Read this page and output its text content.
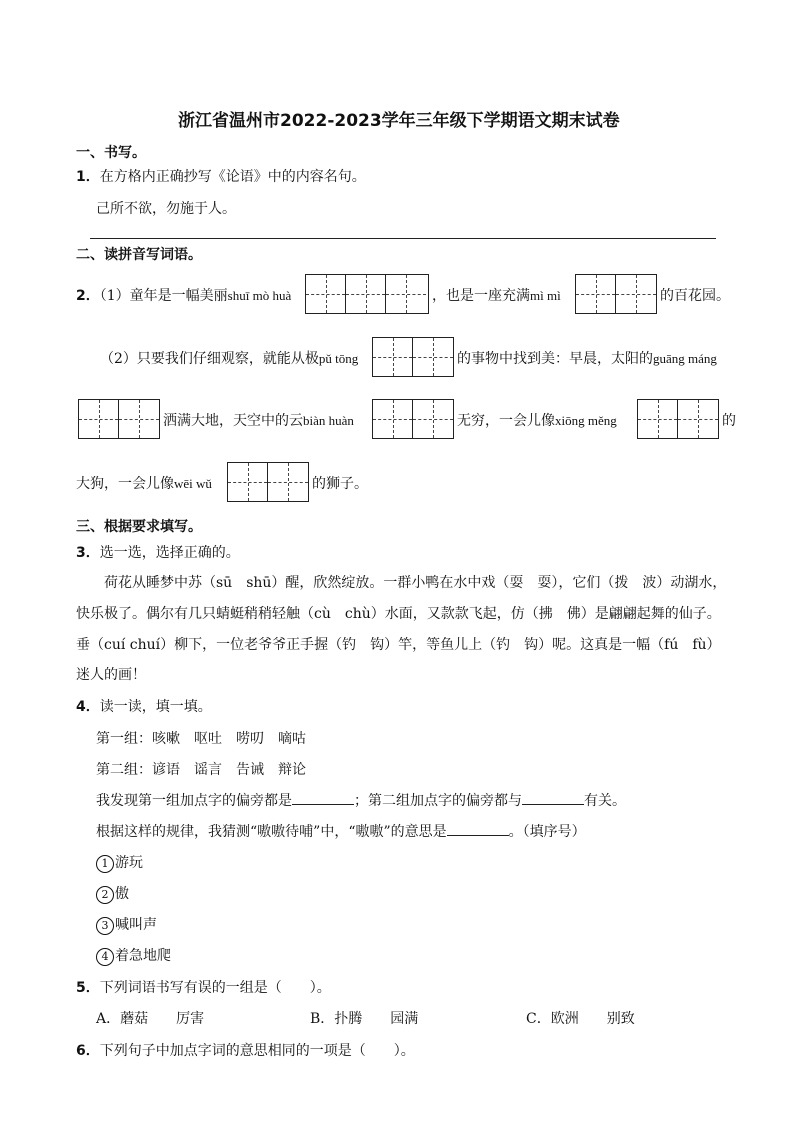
浙江省温州市2022-2023学年三年级下学期语文期末试卷
一、书写。
1．在方格内正确抄写《论语》中的内容名句。
己所不欲，勿施于人。
二、读拼音写词语。
2．（1）童年是一幅美丽shuī mò huà	，也是一座充满mì mì	的百花园。
（2）只要我们仔细观察，就能从极pǔ tōng	的事物中找到美：早晨，太阳的guāng máng
洒满大地，天空中的云biàn huàn	无穷，一会儿像xiōng měng	的
大狗，一会儿像wēi wǔ	的狮子。
三、根据要求填写。
3．选一选，选择正确的。
荷花从睡梦中苏（sū　shū）醒，欣然绽放。一群小鸭在水中戏（耍　耍），它们（拨　波）动湖水，
快乐极了。偶尔有几只蜻蜓稍稍轻触（cù　chù）水面，又款款飞起，仿（拂　佛）是翩翩起舞的仙子。
垂（cuí chuí）柳下，一位老爷爷正手握（钓　钩）竿，等鱼儿上（钓　钩）呢。这真是一幅（fú　fù）
迷人的画！
4．读一读，填一填。
第一组：咳嗽　呕吐　唠叨　嘀咕
第二组：谚语　谣言　告诫　辩论
我发现第一组加点字的偏旁都是	；第二组加点字的偏旁都与	有关。
根据这样的规律，我猜测“嗷嗷待哺”中，“嗷嗷”的意思是	。（填序号）
1 游玩
2 傲
3 喊叫声
4 着急地爬
5．下列词语书写有误的一组是（　　）。
A．蘑菇　　厉害	B．扑腾　　园满	C．欧洲　　别致
6．下列句子中加点字词的意思相同的一项是（　　）。
